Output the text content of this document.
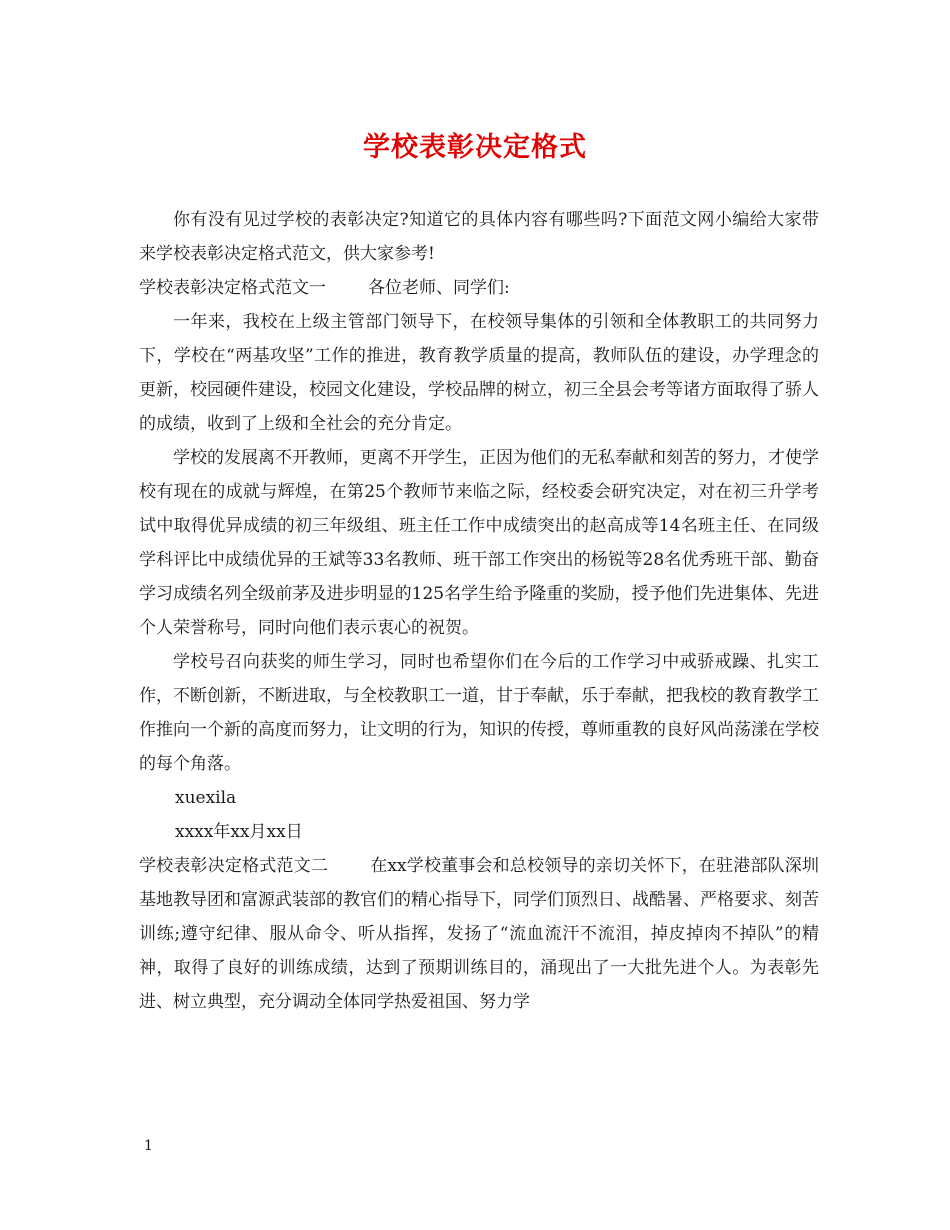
学校表彰决定格式

你有没有见过学校的表彰决定?知道它的具体内容有哪些吗?下面范文网小编给大家带来学校表彰决定格式范文，供大家参考!

学校表彰决定格式范文一 各位老师、同学们:

一年来，我校在上级主管部门领导下，在校领导集体的引领和全体教职工的共同努力下，学校在“两基攻坚”工作的推进，教育教学质量的提高，教师队伍的建设，办学理念的更新，校园硬件建设，校园文化建设，学校品牌的树立，初三全县会考等诸方面取得了骄人的成绩，收到了上级和全社会的充分肯定。

学校的发展离不开教师，更离不开学生，正因为他们的无私奉献和刻苦的努力，才使学校有现在的成就与辉煌，在第25个教师节来临之际，经校委会研究决定，对在初三升学考试中取得优异成绩的初三年级组、班主任工作中成绩突出的赵高成等14名班主任、在同级学科评比中成绩优异的王斌等33名教师、班干部工作突出的杨锐等28名优秀班干部、勤奋学习成绩名列全级前茅及进步明显的125名学生给予隆重的奖励，授予他们先进集体、先进个人荣誉称号，同时向他们表示衷心的祝贺。

学校号召向获奖的师生学习，同时也希望你们在今后的工作学习中戒骄戒躁、扎实工作，不断创新，不断进取，与全校教职工一道，甘于奉献，乐于奉献，把我校的教育教学工作推向一个新的高度而努力，让文明的行为，知识的传授，尊师重教的良好风尚荡漾在学校的每个角落。

xuexila

xxxx年xx月xx日

学校表彰决定格式范文二 在xx学校董事会和总校领导的亲切关怀下，在驻港部队深圳基地教导团和富源武装部的教官们的精心指导下，同学们顶烈日、战酷暑、严格要求、刻苦训练;遵守纪律、服从命令、听从指挥，发扬了“流血流汗不流泪，掉皮掉肉不掉队”的精神，取得了良好的训练成绩，达到了预期训练目的，涌现出了一大批先进个人。为表彰先进、树立典型，充分调动全体同学热爱祖国、努力学

1
